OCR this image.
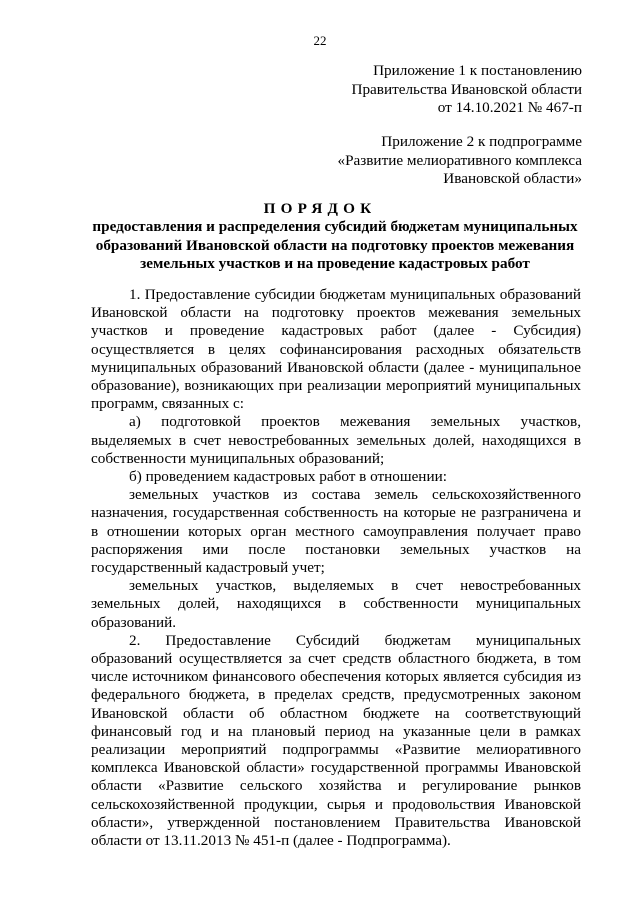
22
Приложение 1 к постановлению
Правительства Ивановской области
от 14.10.2021 № 467-п
Приложение 2 к подпрограмме
«Развитие мелиоративного комплекса
Ивановской области»
ПОРЯДОК
предоставления и распределения субсидий бюджетам муниципальных образований Ивановской области на подготовку проектов межевания земельных участков и на проведение кадастровых работ

1. Предоставление субсидии бюджетам муниципальных образований Ивановской области на подготовку проектов межевания земельных участков и проведение кадастровых работ (далее - Субсидия) осуществляется в целях софинансирования расходных обязательств муниципальных образований Ивановской области (далее - муниципальное образование), возникающих при реализации мероприятий муниципальных программ, связанных с:

а) подготовкой проектов межевания земельных участков, выделяемых в счет невостребованных земельных долей, находящихся в собственности муниципальных образований;

б) проведением кадастровых работ в отношении:

земельных участков из состава земель сельскохозяйственного назначения, государственная собственность на которые не разграничена и в отношении которых орган местного самоуправления получает право распоряжения ими после постановки земельных участков на государственный кадастровый учет;

земельных участков, выделяемых в счет невостребованных земельных долей, находящихся в собственности муниципальных образований.

2. Предоставление Субсидий бюджетам муниципальных образований осуществляется за счет средств областного бюджета, в том числе источником финансового обеспечения которых является субсидия из федерального бюджета, в пределах средств, предусмотренных законом Ивановской области об областном бюджете на соответствующий финансовый год и на плановый период на указанные цели в рамках реализации мероприятий подпрограммы «Развитие мелиоративного комплекса Ивановской области» государственной программы Ивановской области «Развитие сельского хозяйства и регулирование рынков сельскохозяйственной продукции, сырья и продовольствия Ивановской области», утвержденной постановлением Правительства Ивановской области от 13.11.2013 № 451-п (далее - Подпрограмма).
